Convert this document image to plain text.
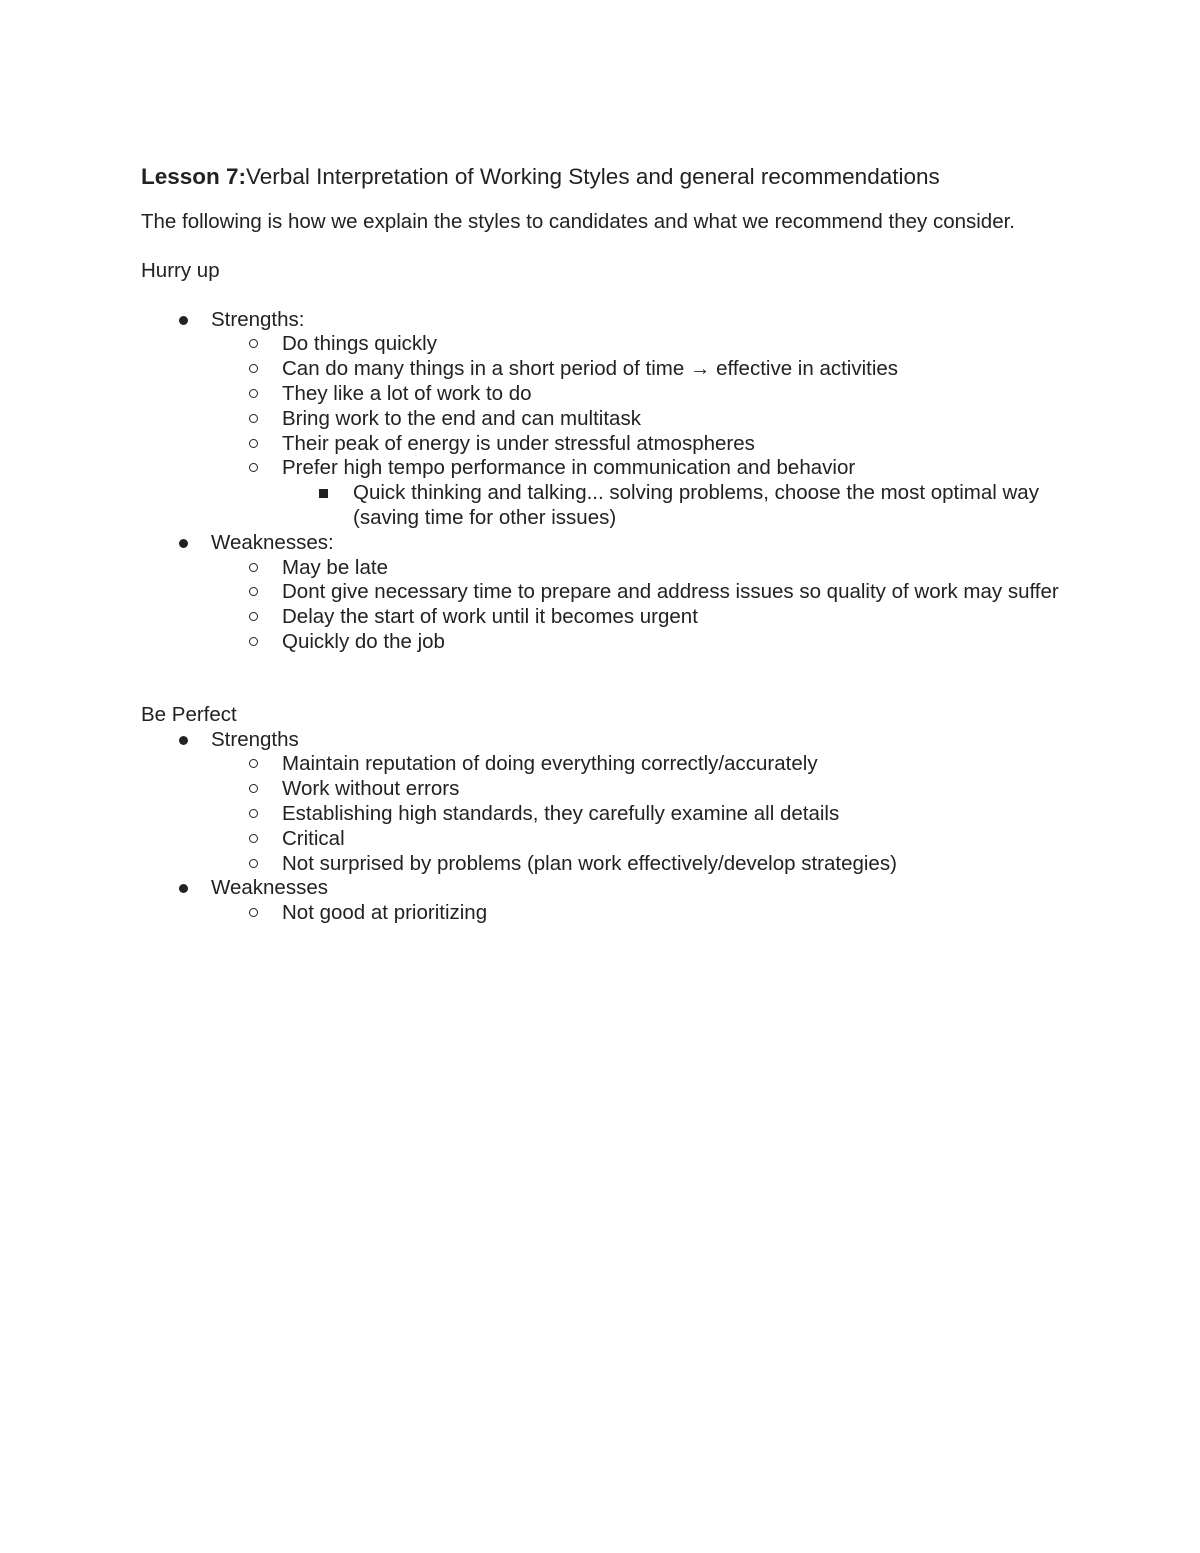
Lesson 7:Verbal Interpretation of Working Styles and general recommendations

The following is how we explain the styles to candidates and what we recommend they consider.

Hurry up

Strengths:
Do things quickly
Can do many things in a short period of time → effective in activities
They like a lot of work to do
Bring work to the end and can multitask
Their peak of energy is under stressful atmospheres
Prefer high tempo performance in communication and behavior
Quick thinking and talking... solving problems, choose the most optimal way (saving time for other issues)
Weaknesses:
May be late
Dont give necessary time to prepare and address issues so quality of work may suffer
Delay the start of work until it becomes urgent
Quickly do the job

Be Perfect

Strengths
Maintain reputation of doing everything correctly/accurately
Work without errors
Establishing high standards, they carefully examine all details
Critical
Not surprised by problems (plan work effectively/develop strategies)
Weaknesses
Not good at prioritizing
